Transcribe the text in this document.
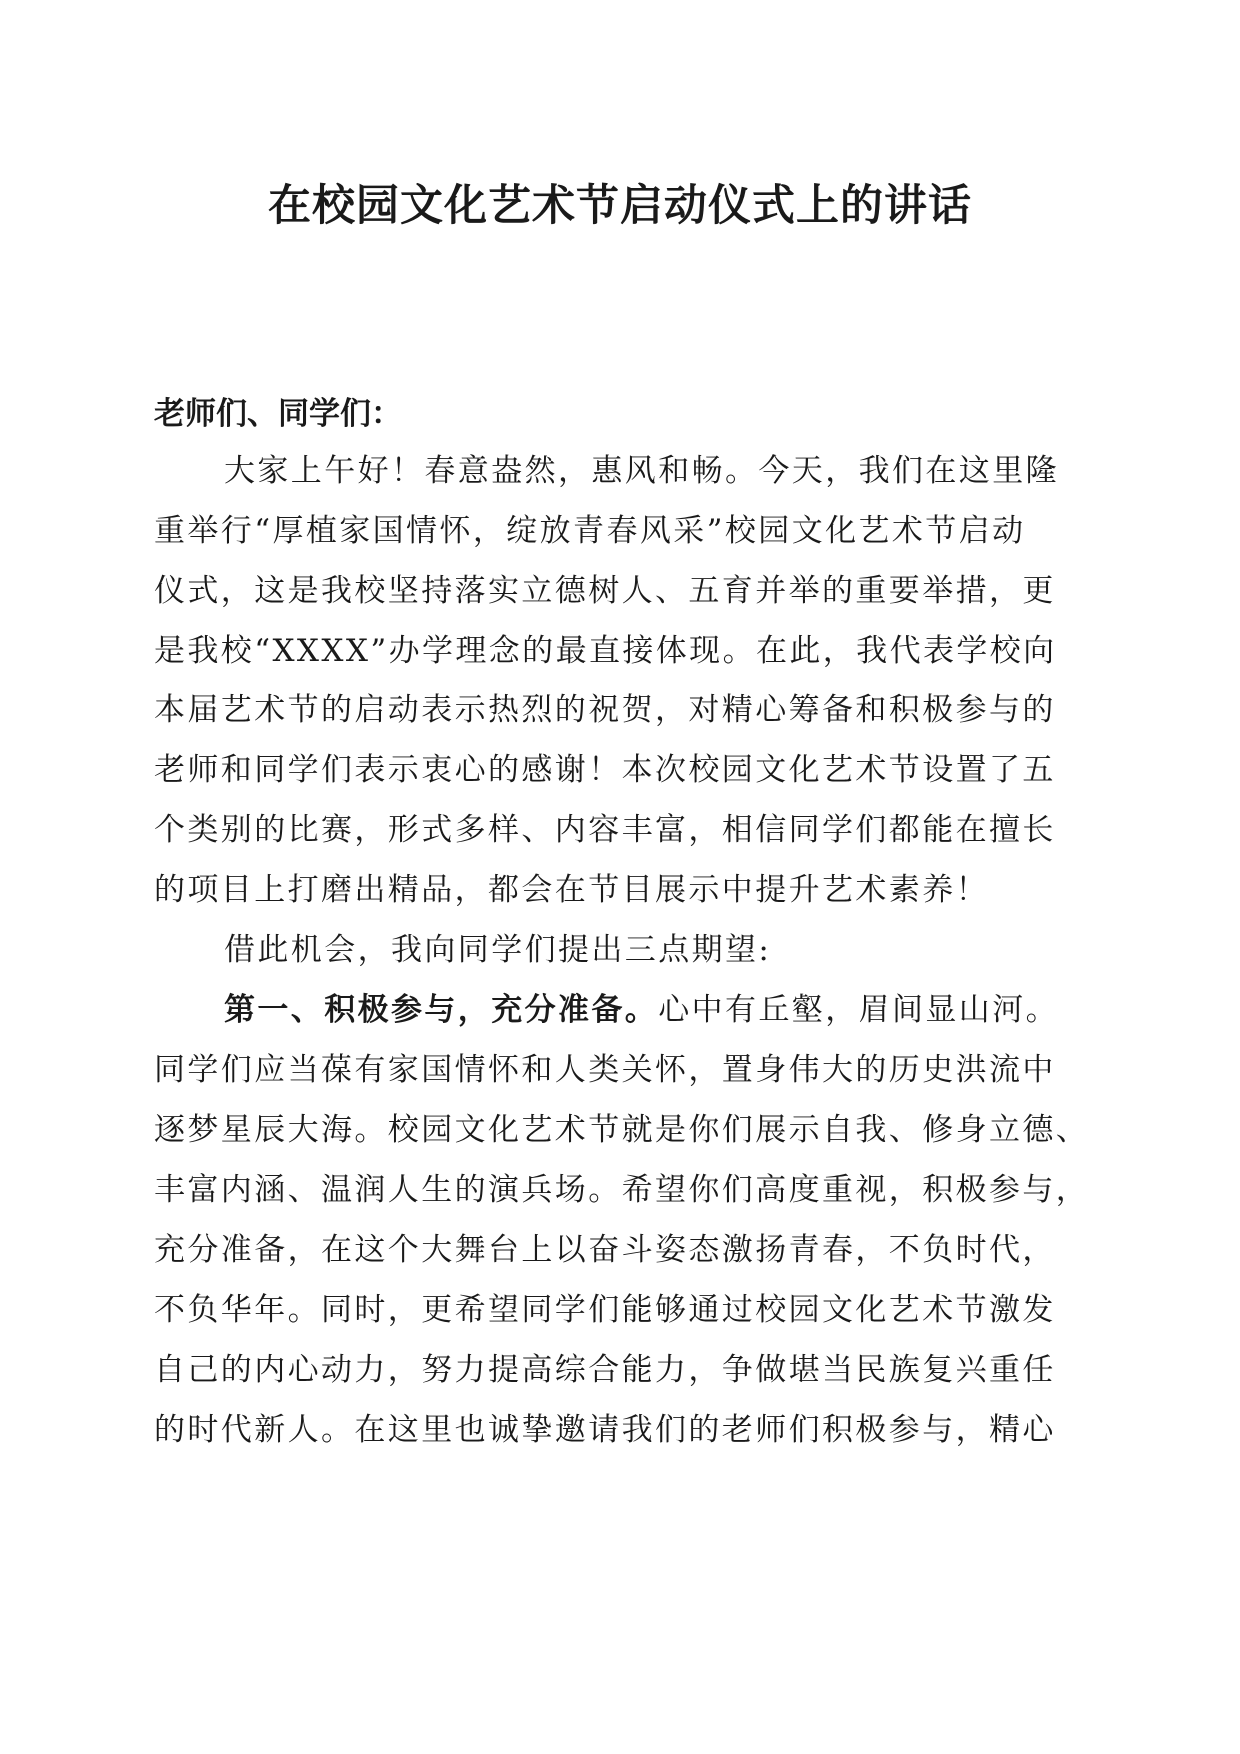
在校园文化艺术节启动仪式上的讲话

老师们、同学们：

大家上午好！春意盎然，惠风和畅。今天，我们在这里隆

重举行“厚植家国情怀，绽放青春风采”校园文化艺术节启动

仪式，这是我校坚持落实立德树人、五育并举的重要举措，更

是我校“XXXX”办学理念的最直接体现。在此，我代表学校向

本届艺术节的启动表示热烈的祝贺，对精心筹备和积极参与的

老师和同学们表示衷心的感谢！本次校园文化艺术节设置了五

个类别的比赛，形式多样、内容丰富，相信同学们都能在擅长

的项目上打磨出精品，都会在节目展示中提升艺术素养！

借此机会，我向同学们提出三点期望:

第一、积极参与，充分准备。心中有丘壑，眉间显山河。

同学们应当葆有家国情怀和人类关怀，置身伟大的历史洪流中

逐梦星辰大海。校园文化艺术节就是你们展示自我、修身立德、

丰富内涵、温润人生的演兵场。希望你们高度重视，积极参与，

充分准备，在这个大舞台上以奋斗姿态激扬青春，不负时代，

不负华年。同时，更希望同学们能够通过校园文化艺术节激发

自己的内心动力，努力提高综合能力，争做堪当民族复兴重任

的时代新人。在这里也诚挚邀请我们的老师们积极参与，精心
